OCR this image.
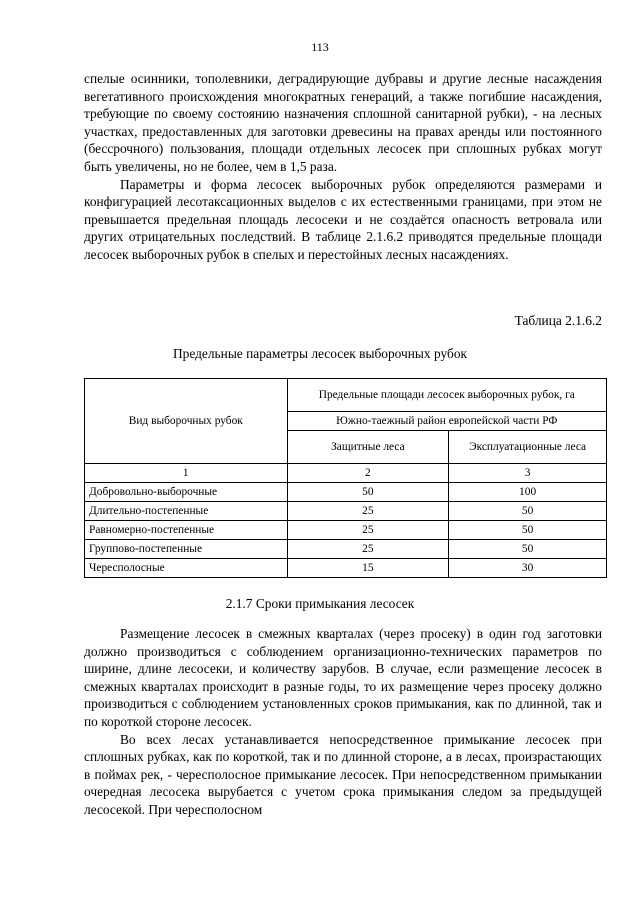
113

спелые осинники, тополевники, деградирующие дубравы и другие лесные насаждения вегетативного происхождения многократных генераций, а также погибшие насаждения, требующие по своему состоянию назначения сплошной санитарной рубки), - на лесных участках, предоставленных для заготовки древесины на правах аренды или постоянного (бессрочного) пользования, площади отдельных лесосек при сплошных рубках могут быть увеличены, но не более, чем в 1,5 раза.

Параметры и форма лесосек выборочных рубок определяются размерами и конфигурацией лесотаксационных выделов с их естественными границами, при этом не превышается предельная площадь лесосеки и не создаётся опасность ветровала или других отрицательных последствий. В таблице 2.1.6.2 приводятся предельные площади лесосек выборочных рубок в спелых и перестойных лесных насаждениях.

Таблица 2.1.6.2
Предельные параметры лесосек выборочных рубок
Вид выборочных рубок	Предельные площади лесосек выборочных рубок, га	
	Южно-таежный район европейской части РФ	
	Защитные леса	Эксплуатационные леса
1	2	3
Добровольно-выборочные	50	100
Длительно-постепенные	25	50
Равномерно-постепенные	25	50
Группово-постепенные	25	50
Чересполосные	15	30
2.1.7 Сроки примыкания лесосек

Размещение лесосек в смежных кварталах (через просеку) в один год заготовки должно производиться с соблюдением организационно-технических параметров по ширине, длине лесосеки, и количеству зарубов. В случае, если размещение лесосек в смежных кварталах происходит в разные годы, то их размещение через просеку должно производиться с соблюдением установленных сроков примыкания, как по длинной, так и по короткой стороне лесосек.

Во всех лесах устанавливается непосредственное примыкание лесосек при сплошных рубках, как по короткой, так и по длинной стороне, а в лесах, произрастающих в поймах рек, - чересполосное примыкание лесосек. При непосредственном примыкании очередная лесосека вырубается с учетом срока примыкания следом за предыдущей лесосекой. При чересполосном
